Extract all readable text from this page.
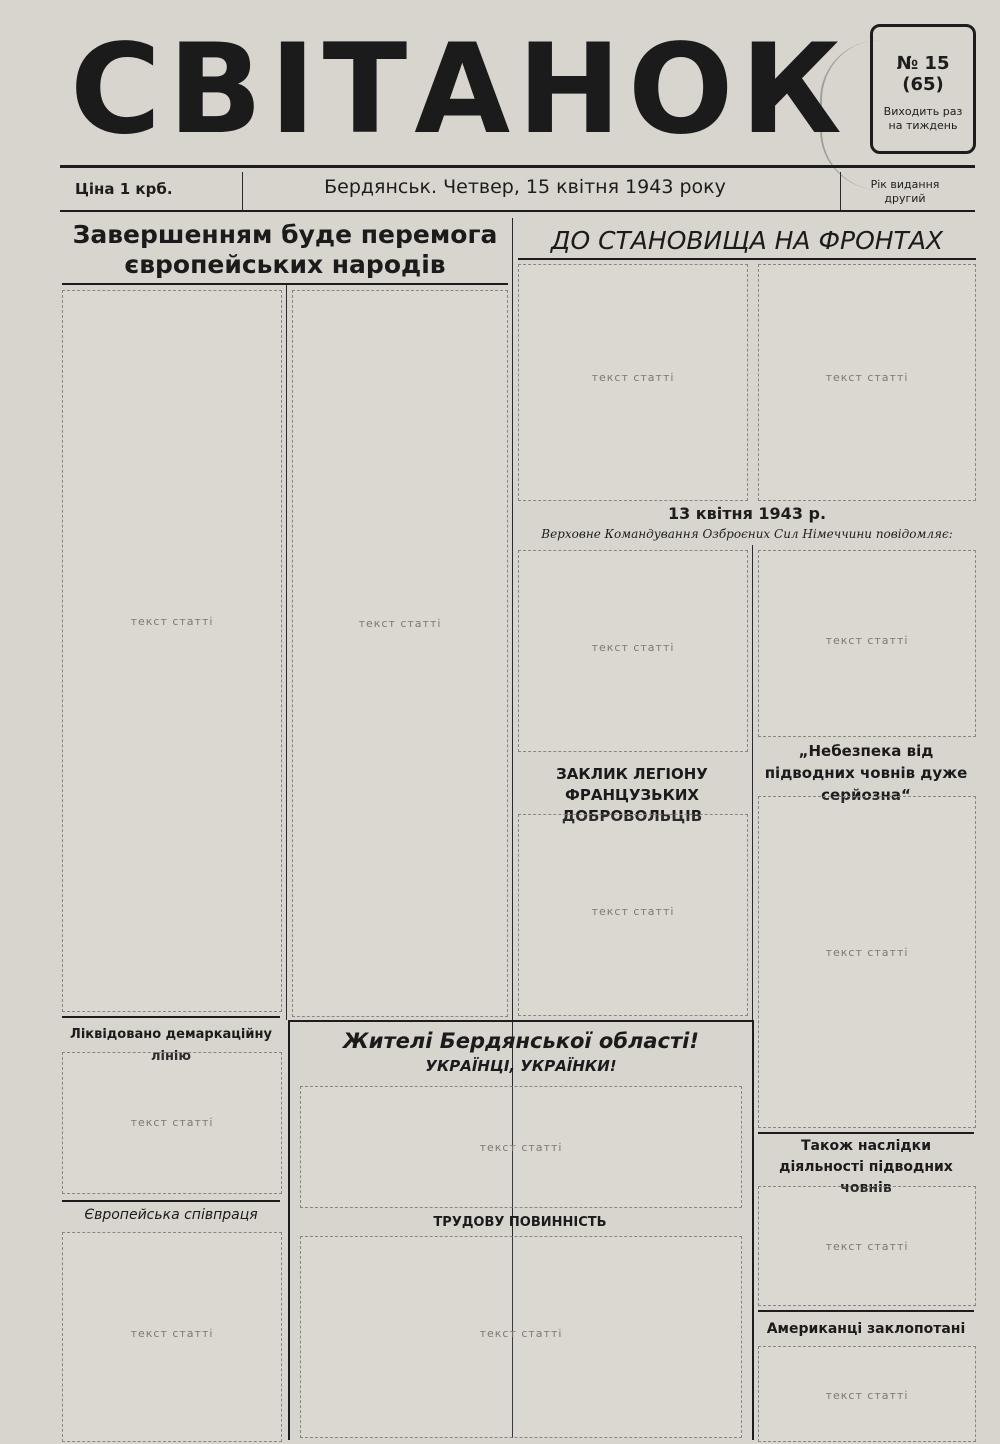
СВІТАНОК	№ 15 (65)
Виходить раз на тиждень
Ціна 1 крб.	Бердянськ. Четвер, 15 квітня 1943 року	Рік видання другий
Завершенням буде перемога європейських народів
текст статті	текст статті
ДО СТАНОВИЩА НА ФРОНТАХ
текст статті	текст статті
13 квітня 1943 р.
Верховне Командування Озброєних Сил Німеччини повідомляє:
текст статті
текст статті
ЗАКЛИК ЛЕГІОНУ ФРАНЦУЗЬКИХ ДОБРОВОЛЬЦІВ
текст статті
„Небезпека від підводних човнів дуже серйозна“
текст статті
Також наслідки діяльності підводних човнів
текст статті
Американці заклопотані
текст статті
Ліквідовано демаркаційну лінію
текст статті
Європейська співпраця
текст статті
Жителі Бердянської області!
УКРАЇНЦІ, УКРАЇНКИ!
текст статті
ТРУДОВУ ПОВИННІСТЬ
текст статті
